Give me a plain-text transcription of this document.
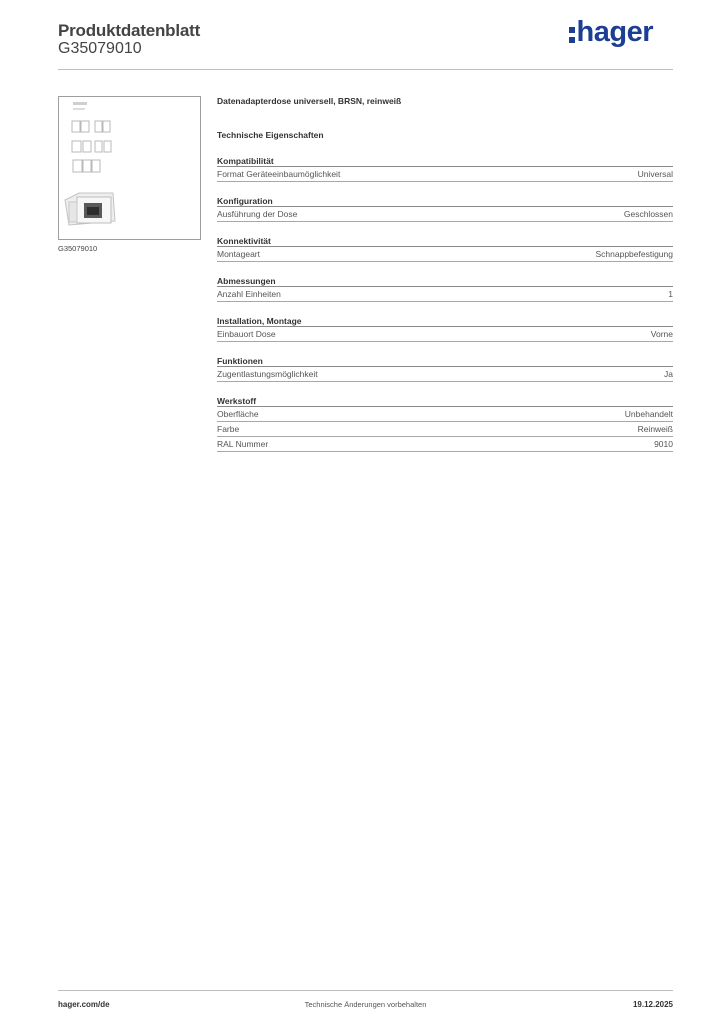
Produktdatenblatt
G35079010
hager
G35079010
Datenadapterdose universell, BRSN, reinweiß
Technische Eigenschaften
Kompatibilität
Format Geräteeinbaumöglichkeit	Universal
Konfiguration
Ausführung der Dose	Geschlossen
Konnektivität
Montageart	Schnappbefestigung
Abmessungen
Anzahl Einheiten	1
Installation, Montage
Einbauort Dose	Vorne
Funktionen
Zugentlastungsmöglichkeit	Ja
Werkstoff
Oberfläche	Unbehandelt
Farbe	Reinweiß
RAL Nummer	9010
hager.com/de	Technische Änderungen vorbehalten	19.12.2025
